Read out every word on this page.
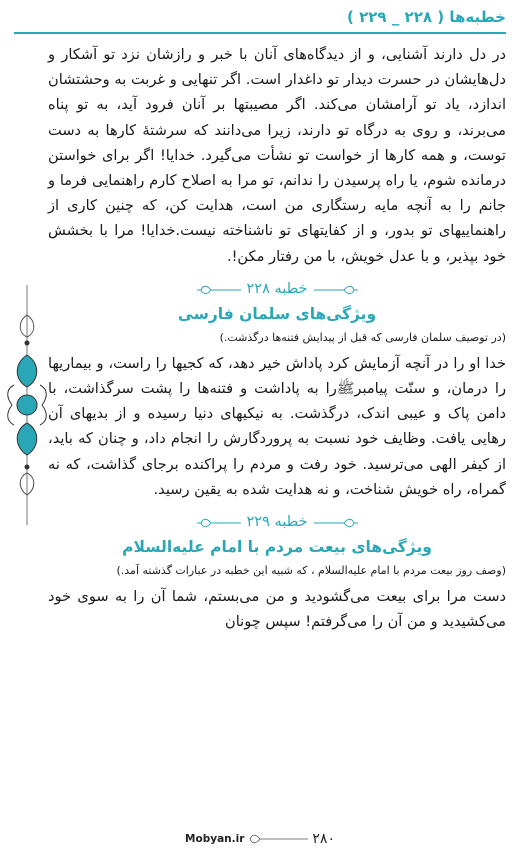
خطبه‌ها ( ۲۲۸ _ ۲۲۹ )

در دل دارند آشنایی، و از دیدگاه‌های آنان با خبر و رازشان نزد تو آشکار و دل‌هایشان در حسرت دیدار تو داغدار است. اگر تنهایی و غربت به وحشتشان اندازد، یاد تو آرامشان می‌کند. اگر مصیبتها بر آنان فرود آید، به تو پناه می‌برند، و روی به درگاه تو دارند، زیرا می‌دانند که سرشتۀ کارها به دست توست، و همه کارها از خواست تو نشأت می‌گیرد. خدایا! اگر برای خواستن درمانده شوم، یا راه پرسیدن را ندانم، تو مرا به اصلاح کارم راهنمایی فرما و جانم را به آنچه مایه رستگاری من است، هدایت کن، که چنین کاری از راهنماییهای تو بدور، و از کفایتهای تو ناشناخته نیست.خدایا! مرا با بخشش خود بپذیر، و با عدل خویش، با من رفتار مکن!.

خطبه ۲۲۸
ویژگی‌های سلمان فارسی
(در توصیف سلمان فارسی که قبل از پیدایش فتنه‌ها درگذشت.)

خدا او را در آنچه آزمایش کرد پاداش خیر دهد، که کجیها را راست، و بیماریها را درمان، و سنّت پیامبرﷺرا به پاداشت و فتنه‌ها را پشت سرگذاشت، با دامن پاک و عیبی اندک، درگذشت. به نیکیهای دنیا رسیده و از بدیهای آن رهایی یافت. وظایف خود نسبت به پروردگارش را انجام داد، و چنان که باید، از کیفر الهی می‌ترسید. خود رفت و مردم را پراکنده برجای گذاشت، که نه گمراه، راه خویش شناخت، و نه هدایت شده به یقین رسید.

خطبه ۲۲۹
ویژگی‌های بیعت مردم با امام عليه‌السلام
(وصف روز بیعت مردم با امام عليه‌السلام ، که شبیه این خطبه در عبارات گذشته آمد.)

دست مرا برای بیعت می‌گشودید و من می‌بستم، شما آن را به سوی خود می‌کشیدید و من آن را می‌گرفتم! سپس چونان

۲۸۰
Mobyan.ir
